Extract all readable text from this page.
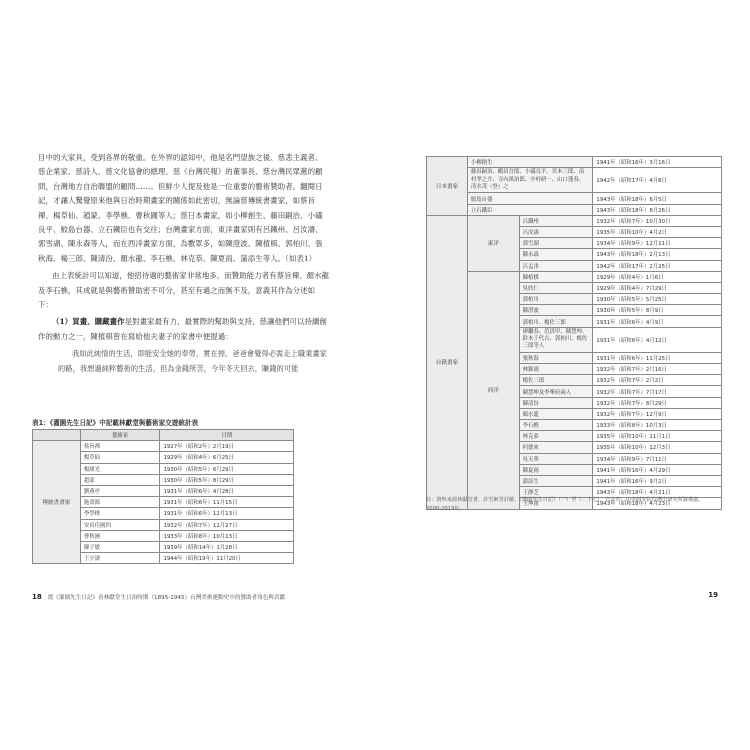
目中的大家具，受到各界的敬重。在外界的認知中，他是名門望族之後、慈悲主義者、慈企業家、慈詩人、慈文化協會的總理、慈《台灣民報》的董事長、慈台灣民眾黨的顧問，台灣地方自治聯盟的顧問……。但鮮少人提及他是一位重要的藝術贊助者。翻閱日記，才讓人驚覺原來他與日治時期畫家的關係如此密切，無論慈傳統書畫家，如蔡旨禪、楊草仙、趙蒙、李學樵、曹秋圃等人；慈日本畫家，如小柳創生、藤田嗣治、小礒良平、鮫島台器、立石鐵臣也有交往；台灣畫家方面，東洋畫家則有呂鐵州、呂汝濤、郭雪湖、陳永森等人，而在西洋畫家方面，為數眾多，如陳澄波、陳植棋、郭柏川、張秋海、楊三郎、陳清汾、顏水龍、李石樵、林克恭、陳夏雨、蒲添生等人。（如表1）

由上表統計可以知道，他招待過的藝術家非常地多，而贊助能力者有蔡旨禪、顏水龍及李石樵，其成就是與藝術贊助密不可分，甚至有過之而無不及，意義其作為分述如下：

（1）買畫、購藏畫作是對畫家最有力，最實際的幫助與支持，慈讓他們可以持續創作的動力之一，陳植棋曾在寫給他夫妻子的家書中便提過：

我如此純情的生活，即能安全她的奉勞，實在掉，爸爸會覺得必需走上職業畫家的路，我想過純粹藝術的生活，但為金錢所苦，今年冬天回去，賺錢的可能

表1：《灌園先生日記》中記載林獻堂與藝術家交遊統計表
	藝術家	日期
傳統書畫家	蔡旨禪	1927年（昭和2年）2月19日
	楊草仙	1929年（昭和4年）6月25日
	楊緒光	1930年（昭和5年）6月29日
	趙蒙	1930年（昭和5年）8月29日
	劉燕亭	1931年（昭和6年）4月28日
	施壽源	1931年（昭和6年）11月15日
	李學樵	1931年（昭和6年）12月13日
	安田佳國四	1932年（昭和7年）11月27日
	曹秋圃	1933年（昭和8年）10月13日
	陳子敏	1939年（昭和14年）1月28日
	王少濤	1944年（昭和19年）11月20日
18 從《灌園先生日記》看林獻堂生日治時期（1895-1945）台灣美術運動史中的贊助者角色與貢獻
日本畫家	小柳創生		1941年（昭和16年）3月16日
	藤田嗣治、鶴田吾郎、小礒良平、宮本三郎、南村孝之介、寺內萬治郎、中村研一、山口蓬春、清水茂（登）之		1942年（昭和17年）4月8日
	鮫島台器		1943年（昭和18年）6月5日
	立石鐵臣		1943年（昭和18年）8月26日
台籍畫家	東洋	呂鐵州	1932年（昭和7年）10月30日
		呂汝濤	1935年（昭和10年）4月2日
		郭雪湖	1934年（昭和9年）12月11日
		陳永森	1943年（昭和18年）2月13日
		呂孟津	1942年（昭和17年）2月25日
	西洋	陳植棋	1929年（昭和4年）1月6日
		吳欣仁	1929年（昭和4年）7月29日
		郭柏川	1930年（昭和5年）5月25日
		陳澄波	1930年（昭和5年）8月9日
		郭柏川、楊佐三郎	1931年（昭和6年）4月9日
		廖繼春、范洪甲、陳慧坤、鈴木千代吉、郭柏川、楊佐三郎等人	1931年（昭和6年）4月12日
		張秋海	1931年（昭和6年）11月25日
		林錦鴻	1932年（昭和7年）2月16日
		楊佐三郎	1932年（昭和7年）2月2日
		陳慧坤及李峯府兩人	1932年（昭和7年）7月17日
		陳清汾	1932年（昭和7年）8月29日
		顏水龍	1932年（昭和7年）12月9日
		李石樵	1933年（昭和8年）10月3日
		林克恭	1935年（昭和10年）11月1日
		何德來	1935年（昭和10年）12月3日
		吳天華	1934年（昭和9年）7月11日
		陳夏雨	1941年（昭和16年）4月29日
		蒲添生	1941年（昭和16年）9月2日
		王靜芝	1943年（昭和18年）4月21日
		王坤南	1943年（昭和18年）4月23日
註：資料來源林獻堂著，許雪姬等註解，《灌園先生日記》（一）至（二十七），台北市：中央研究院台灣史研究所籌備處，2000-2013年。
19
